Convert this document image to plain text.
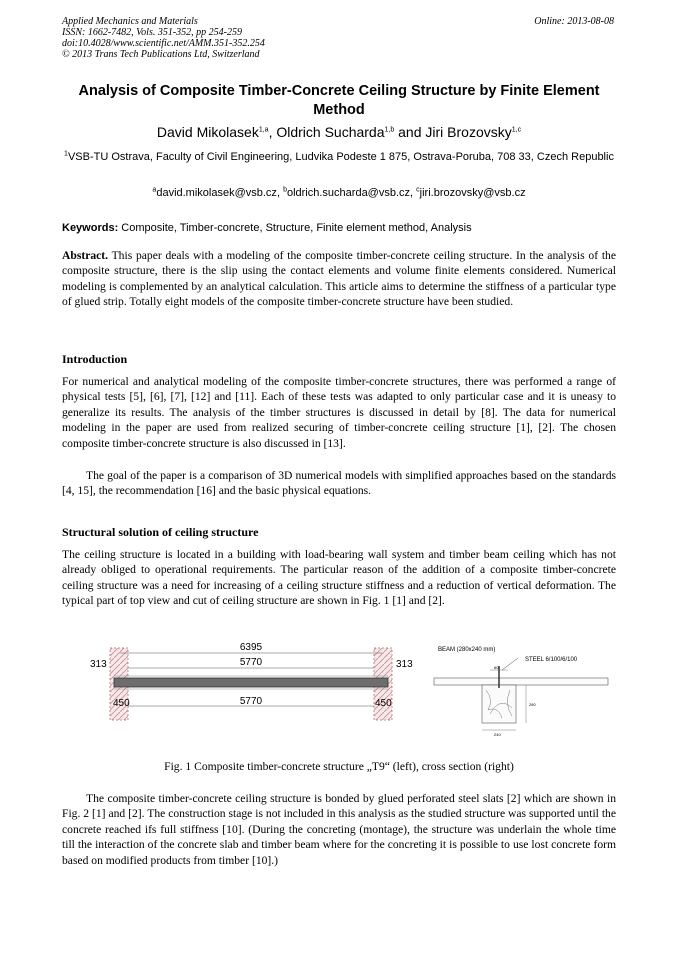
Applied Mechanics and Materials
ISSN: 1662-7482, Vols. 351-352, pp 254-259
doi:10.4028/www.scientific.net/AMM.351-352.254
© 2013 Trans Tech Publications Ltd, Switzerland
Online: 2013-08-08
Analysis of Composite Timber-Concrete Ceiling Structure by Finite Element Method
David Mikolasek$^{1,a}$, Oldrich Sucharda$^{1,b}$ and Jiri Brozovsky$^{1,c}$
$^1$VSB-TU Ostrava, Faculty of Civil Engineering, Ludvika Podeste 1 875, Ostrava-Poruba, 708 33, Czech Republic
$^a$david.mikolasek@vsb.cz, $^b$oldrich.sucharda@vsb.cz, $^c$jiri.brozovsky@vsb.cz
Keywords: Composite, Timber-concrete, Structure, Finite element method, Analysis
Abstract. This paper deals with a modeling of the composite timber-concrete ceiling structure. In the analysis of the composite structure, there is the slip using the contact elements and volume finite elements considered. Numerical modeling is complemented by an analytical calculation. This article aims to determine the stiffness of a particular type of glued strip. Totally eight models of the composite timber-concrete structure have been studied.
Introduction
For numerical and analytical modeling of the composite timber-concrete structures, there was performed a range of physical tests [5], [6], [7], [12] and [11]. Each of these tests was adapted to only particular case and it is uneasy to generalize its results. The analysis of the timber structures is discussed in detail by [8]. The data for numerical modeling in the paper are used from realized securing of timber-concrete ceiling structure [1], [2]. The chosen composite timber-concrete structure is also discussed in [13].
The goal of the paper is a comparison of 3D numerical models with simplified approaches based on the standards [4, 15], the recommendation [16] and the basic physical equations.
Structural solution of ceiling structure
The ceiling structure is located in a building with load-bearing wall system and timber beam ceiling which has not already obliged to operational requirements. The particular reason of the addition of a composite timber-concrete ceiling structure was a need for increasing of a ceiling structure stiffness and a reduction of vertical deformation. The typical part of top view and cut of ceiling structure are shown in Fig. 1 [1] and [2].
6395
5770
313	313
450	450
5770
BEAM (280x240 mm)
STEEL 6/100/6/100
60
280
240
Fig. 1 Composite timber-concrete structure „T9“ (left), cross section (right)
The composite timber-concrete ceiling structure is bonded by glued perforated steel slats [2] which are shown in Fig. 2 [1] and [2]. The construction stage is not included in this analysis as the studied structure was supported until the concrete reached ifs full stiffness [10]. (During the concreting (montage), the structure was underlain the whole time till the interaction of the concrete slab and timber beam where for the concreting it is possible to use lost concrete form based on modified products from timber [10].)
